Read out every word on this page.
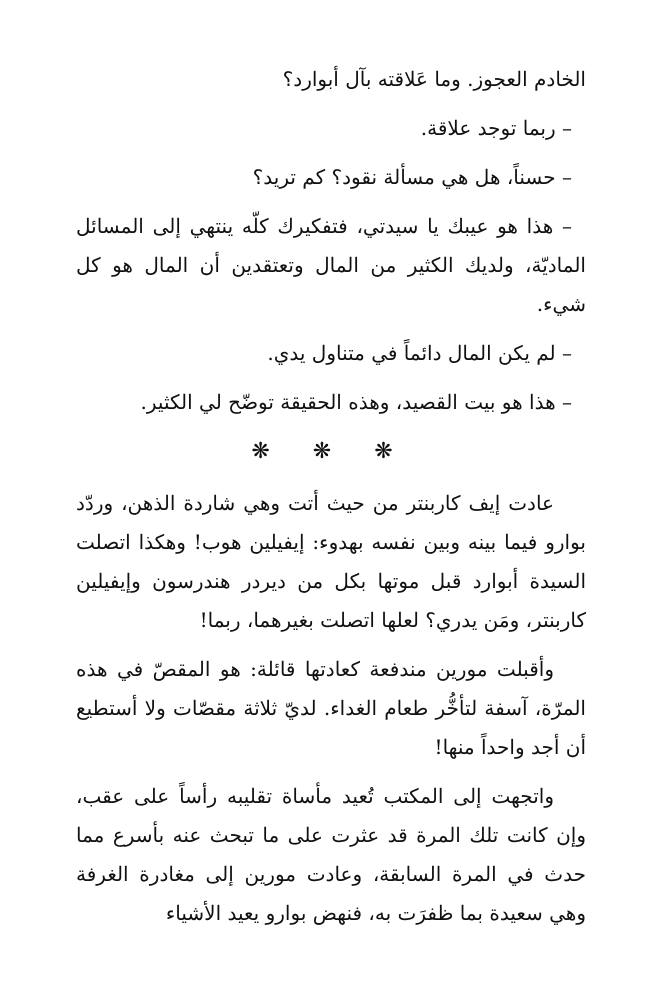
الخادم العجوز. وما عَلاقته بآل أبوارد؟

– ربما توجد علاقة.

– حسناً، هل هي مسألة نقود؟ كم تريد؟

– هذا هو عيبك يا سيدتي، فتفكيرك كلّه ينتهي إلى المسائل الماديّة، ولديك الكثير من المال وتعتقدين أن المال هو كل شيء.

– لم يكن المال دائماً في متناول يدي.

– هذا هو بيت القصيد، وهذه الحقيقة توضّح لي الكثير.

❋ ❋ ❋

عادت إيف كاربنتر من حيث أتت وهي شاردة الذهن، وردّد بوارو فيما بينه وبين نفسه بهدوء: إيفيلين هوب! وهكذا اتصلت السيدة أبوارد قبل موتها بكل من ديردر هندرسون وإيفيلين كاربنتر، ومَن يدري؟ لعلها اتصلت بغيرهما، ربما!

وأقبلت مورين مندفعة كعادتها قائلة: هو المقصّ في هذه المرّة، آسفة لتأخُّر طعام الغداء. لديّ ثلاثة مقصّات ولا أستطيع أن أجد واحداً منها!

واتجهت إلى المكتب تُعيد مأساة تقليبه رأساً على عقب، وإن كانت تلك المرة قد عثرت على ما تبحث عنه بأسرع مما حدث في المرة السابقة، وعادت مورين إلى مغادرة الغرفة وهي سعيدة بما ظفرَت به، فنهض بوارو يعيد الأشياء
